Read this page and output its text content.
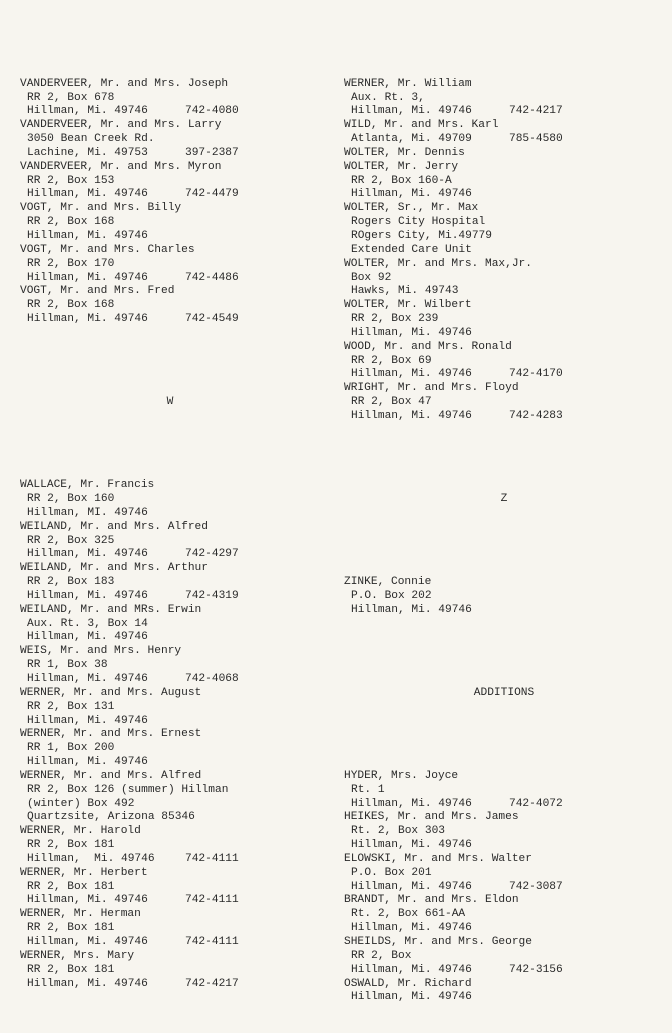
VANDERVEER, Mr. and Mrs. Joseph
RR 2, Box 678
Hillman, Mi. 49746	742-4080
VANDERVEER, Mr. and Mrs. Larry
3050 Bean Creek Rd.
Lachine, Mi. 49753	397-2387
VANDERVEER, Mr. and Mrs. Myron
RR 2, Box 153
Hillman, Mi. 49746	742-4479
VOGT, Mr. and Mrs. Billy
RR 2, Box 168
Hillman, Mi. 49746
VOGT, Mr. and Mrs. Charles
RR 2, Box 170
Hillman, Mi. 49746	742-4486
VOGT, Mr. and Mrs. Fred
RR 2, Box 168
Hillman, Mi. 49746	742-4549

W

WALLACE, Mr. Francis
RR 2, Box 160
Hillman, MI. 49746
WEILAND, Mr. and Mrs. Alfred
RR 2, Box 325
Hillman, Mi. 49746	742-4297
WEILAND, Mr. and Mrs. Arthur
RR 2, Box 183
Hillman, Mi. 49746	742-4319
WEILAND, Mr. and MRs. Erwin
Aux. Rt. 3, Box 14
Hillman, Mi. 49746
WEIS, Mr. and Mrs. Henry
RR 1, Box 38
Hillman, Mi. 49746	742-4068
WERNER, Mr. and Mrs. August
RR 2, Box 131
Hillman, Mi. 49746
WERNER, Mr. and Mrs. Ernest
RR 1, Box 200
Hillman, Mi. 49746
WERNER, Mr. and Mrs. Alfred
RR 2, Box 126 (summer) Hillman
(winter) Box 492
Quartzsite, Arizona 85346
WERNER, Mr. Harold
RR 2, Box 181
Hillman,  Mi. 49746	742-4111
WERNER, Mr. Herbert
RR 2, Box 181
Hillman, Mi. 49746	742-4111
WERNER, Mr. Herman
RR 2, Box 181
Hillman, Mi. 49746	742-4111
WERNER, Mrs. Mary
RR 2, Box 181
Hillman, Mi. 49746	742-4217

WERNER, Mr. William
Aux. Rt. 3,
Hillman, Mi. 49746	742-4217
WILD, Mr. and Mrs. Karl
Atlanta, Mi. 49709	785-4580
WOLTER, Mr. Dennis
WOLTER, Mr. Jerry
RR 2, Box 160-A
Hillman, Mi. 49746
WOLTER, Sr., Mr. Max
Rogers City Hospital
ROgers City, Mi.49779
Extended Care Unit
WOLTER, Mr. and Mrs. Max,Jr.
Box 92
Hawks, Mi. 49743
WOLTER, Mr. Wilbert
RR 2, Box 239
Hillman, Mi. 49746
WOOD, Mr. and Mrs. Ronald
RR 2, Box 69
Hillman, Mi. 49746	742-4170
WRIGHT, Mr. and Mrs. Floyd
RR 2, Box 47
Hillman, Mi. 49746	742-4283

Z

ZINKE, Connie
P.O. Box 202
Hillman, Mi. 49746

ADDITIONS

HYDER, Mrs. Joyce
Rt. 1
Hillman, Mi. 49746	742-4072
HEIKES, Mr. and Mrs. James
Rt. 2, Box 303
Hillman, Mi. 49746
ELOWSKI, Mr. and Mrs. Walter
P.O. Box 201
Hillman, Mi. 49746	742-3087
BRANDT, Mr. and Mrs. Eldon
Rt. 2, Box 661-AA
Hillman, Mi. 49746
SHEILDS, Mr. and Mrs. George
RR 2, Box
Hillman, Mi. 49746	742-3156
OSWALD, Mr. Richard
Hillman, Mi. 49746
